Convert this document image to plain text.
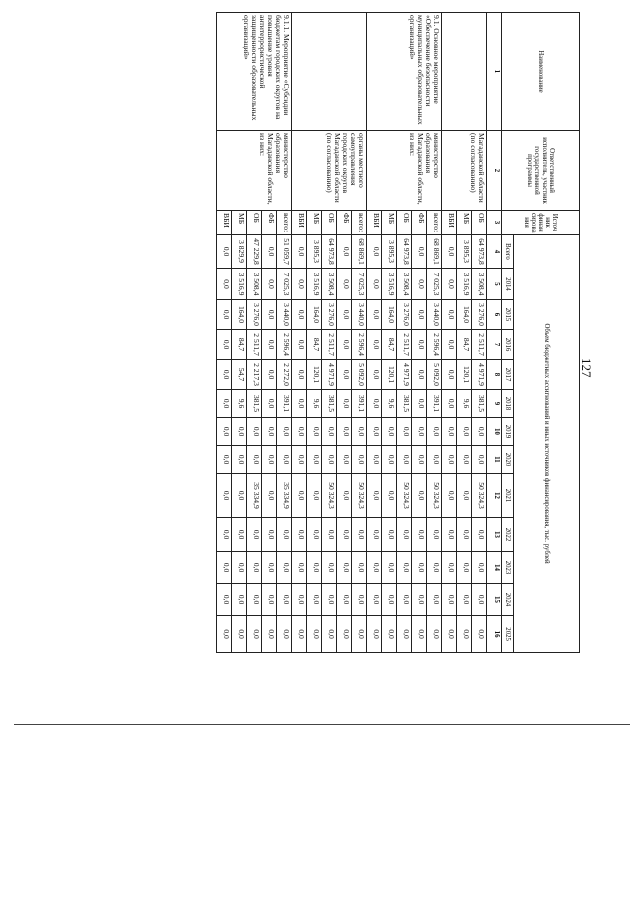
127
Наименование	Ответственный исполнитель, участник государственной программы	Источ ник финан сирова ния	Объем бюджетных ассигнований и иных источников финансирования, тыс. рублей												
			Всего	2014	2015	2016	2017	2018	2019	2020	2021	2022	2023	2024	2025
1	2	3	4	5	6	7	8	9	10	11	12	13	14	15	16
	Магаданской области (по согласованию)	ОБ	64 973,8	3 508,4	3 276,0	2 511,7	4 971,9	381,5	0,0	0,0	50 324,3	0,0	0,0	0,0	0,0
		МБ	3 895,3	3 516,9	164,0	84,7	120,1	9,6	0,0	0,0	0,0	0,0	0,0	0,0	0,0
		ВБИ	0,0	0,0	0,0	0,0	0,0	0,0	0,0	0,0	0,0	0,0	0,0	0,0	0,0
9.1. Основное мероприятие «Обеспечение безопасности муниципальных образовательных организаций»	министерство образования Магаданской области, из них:	всего:	68 869,1	7 025,3	3 440,0	2 596,4	5 092,0	391,1	0,0	0,0	50 324,3	0,0	0,0	0,0	0,0
		ФБ	0,0	0,0	0,0	0,0	0,0	0,0	0,0	0,0	0,0	0,0	0,0	0,0	0,0
		ОБ	64 973,8	3 508,4	3 276,0	2 511,7	4 971,9	381,5	0,0	0,0	50 324,3	0,0	0,0	0,0	0,0
		МБ	3 895,3	3 516,9	164,0	84,7	120,1	9,6	0,0	0,0	0,0	0,0	0,0	0,0	0,0
		ВБИ	0,0	0,0	0,0	0,0	0,0	0,0	0,0	0,0	0,0	0,0	0,0	0,0	0,0
	органы местного самоуправления городских округов Магаданской области (по согласованию)	всего:	68 869,1	7 025,3	3 440,0	2 596,4	5 092,0	391,1	0,0	0,0	50 324,3	0,0	0,0	0,0	0,0
		ФБ	0,0	0,0	0,0	0,0	0,0	0,0	0,0	0,0	0,0	0,0	0,0	0,0	0,0
		ОБ	64 973,8	3 508,4	3 276,0	2 511,7	4 971,9	381,5	0,0	0,0	50 324,3	0,0	0,0	0,0	0,0
		МБ	3 895,3	3 516,9	164,0	84,7	120,1	9,6	0,0	0,0	0,0	0,0	0,0	0,0	0,0
		ВБИ	0,0	0,0	0,0	0,0	0,0	0,0	0,0	0,0	0,0	0,0	0,0	0,0	0,0
9.1.1. Мероприятие «Субсидии бюджетам городских округов на повышение уровня антитеррористической защищенности образовательных организаций»	министерство образования Магаданской области, из них:	всего:	51 059,7	7 025,3	3 440,0	2 596,4	2 272,0	391,1	0,0	0,0	35 334,9	0,0	0,0	0,0	0,0
		ФБ	0,0	0,0	0,0	0,0	0,0	0,0	0,0	0,0	0,0	0,0	0,0	0,0	0,0
		ОБ	47 229,8	3 508,4	3 276,0	2 511,7	2 217,3	381,5	0,0	0,0	35 334,9	0,0	0,0	0,0	0,0
		МБ	3 829,9	3 516,9	164,0	84,7	54,7	9,6	0,0	0,0	0,0	0,0	0,0	0,0	0,0
		ВБИ	0,0	0,0	0,0	0,0	0,0	0,0	0,0	0,0	0,0	0,0	0,0	0,0	0,0
